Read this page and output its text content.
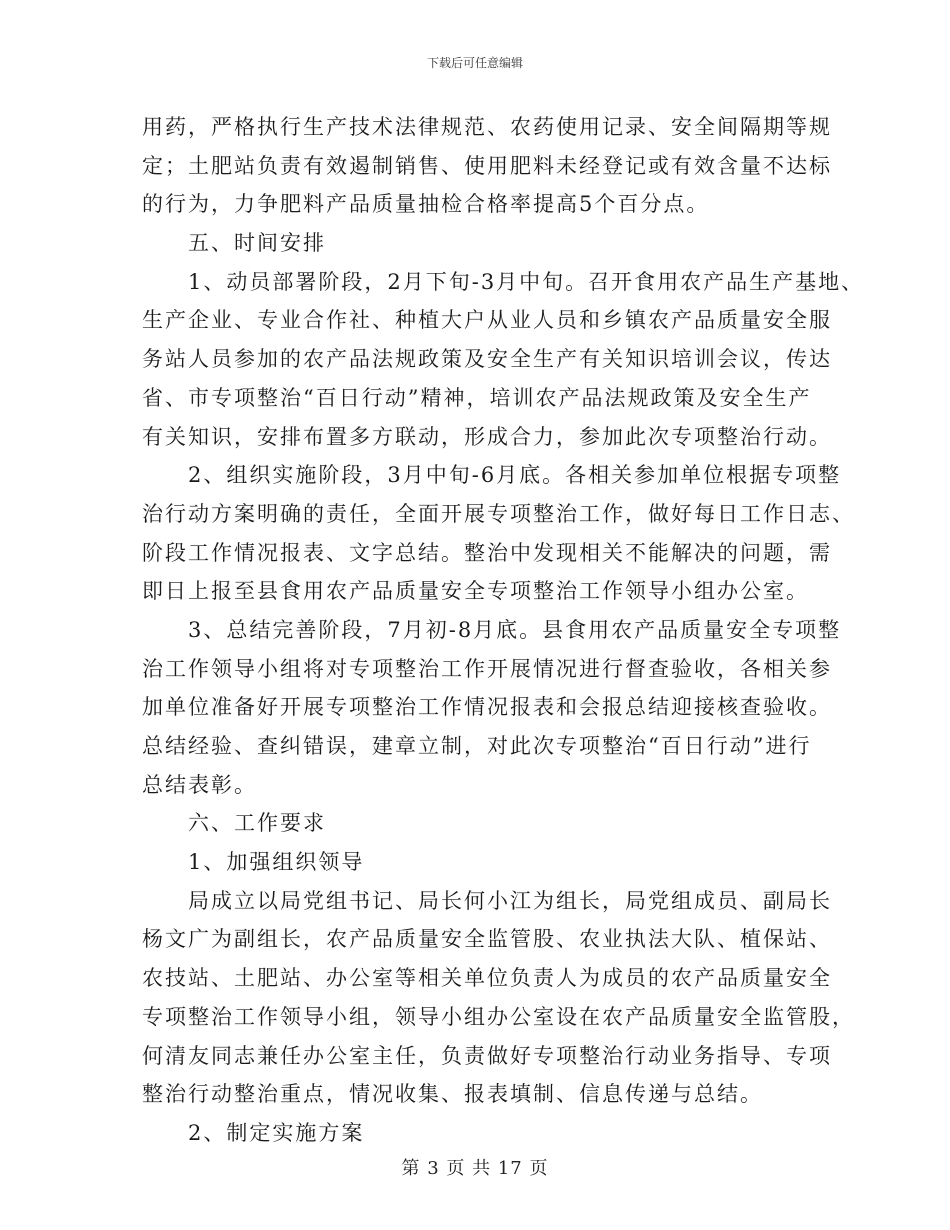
下载后可任意编辑
用药，严格执行生产技术法律规范、农药使用记录、安全间隔期等规
定；土肥站负责有效遏制销售、使用肥料未经登记或有效含量不达标
的行为，力争肥料产品质量抽检合格率提高5个百分点。
五、时间安排
1、动员部署阶段，2月下旬-3月中旬。召开食用农产品生产基地、
生产企业、专业合作社、种植大户从业人员和乡镇农产品质量安全服
务站人员参加的农产品法规政策及安全生产有关知识培训会议，传达
省、市专项整治“百日行动”精神，培训农产品法规政策及安全生产
有关知识，安排布置多方联动，形成合力，参加此次专项整治行动。
2、组织实施阶段，3月中旬-6月底。各相关参加单位根据专项整
治行动方案明确的责任，全面开展专项整治工作，做好每日工作日志、
阶段工作情况报表、文字总结。整治中发现相关不能解决的问题，需
即日上报至县食用农产品质量安全专项整治工作领导小组办公室。
3、总结完善阶段，7月初-8月底。县食用农产品质量安全专项整
治工作领导小组将对专项整治工作开展情况进行督查验收，各相关参
加单位准备好开展专项整治工作情况报表和会报总结迎接核查验收。
总结经验、查纠错误，建章立制，对此次专项整治“百日行动”进行
总结表彰。
六、工作要求
1、加强组织领导
局成立以局党组书记、局长何小江为组长，局党组成员、副局长
杨文广为副组长，农产品质量安全监管股、农业执法大队、植保站、
农技站、土肥站、办公室等相关单位负责人为成员的农产品质量安全
专项整治工作领导小组，领导小组办公室设在农产品质量安全监管股，
何清友同志兼任办公室主任，负责做好专项整治行动业务指导、专项
整治行动整治重点，情况收集、报表填制、信息传递与总结。
2、制定实施方案
第 3 页 共 17 页
